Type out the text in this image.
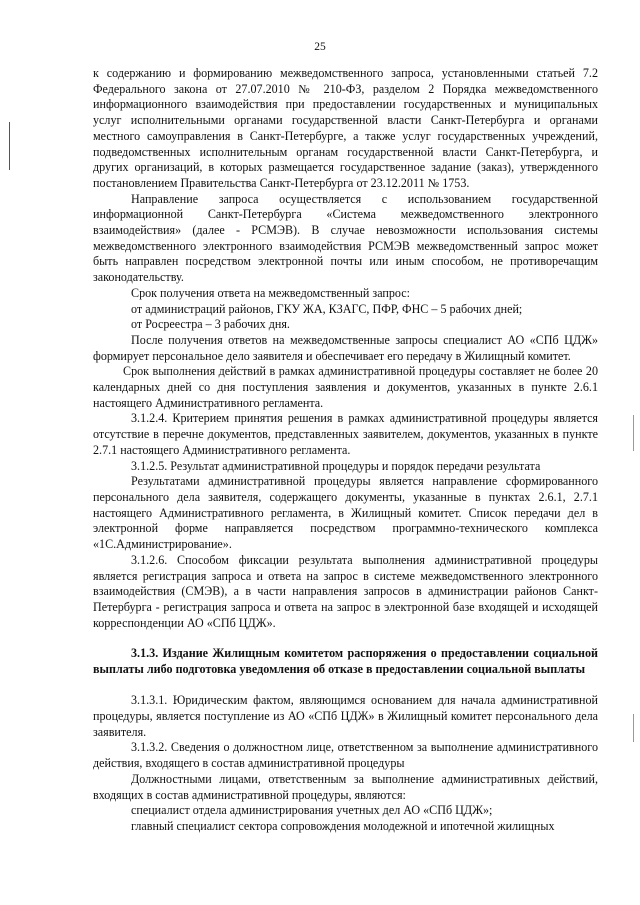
25

к содержанию и формированию межведомственного запроса, установленными статьей 7.2 Федерального закона от 27.07.2010 № 210-ФЗ, разделом 2 Порядка межведомственного информационного взаимодействия при предоставлении государственных и муниципальных услуг исполнительными органами государственной власти Санкт-Петербурга и органами местного самоуправления в Санкт-Петербурге, а также услуг государственных учреждений, подведомственных исполнительным органам государственной власти Санкт-Петербурга, и других организаций, в которых размещается государственное задание (заказ), утвержденного постановлением Правительства Санкт-Петербурга от 23.12.2011 № 1753.

Направление запроса осуществляется с использованием государственной информационной Санкт-Петербурга «Система межведомственного электронного взаимодействия» (далее - РСМЭВ). В случае невозможности использования системы межведомственного электронного взаимодействия РСМЭВ межведомственный запрос может быть направлен посредством электронной почты или иным способом, не противоречащим законодательству.

Срок получения ответа на межведомственный запрос:

от администраций районов, ГКУ ЖА, КЗАГС, ПФР, ФНС – 5 рабочих дней;

от Росреестра – 3 рабочих дня.

После получения ответов на межведомственные запросы специалист АО «СПб ЦДЖ» формирует персональное дело заявителя и обеспечивает его передачу в Жилищный комитет.

Срок выполнения действий в рамках административной процедуры составляет не более 20 календарных дней со дня поступления заявления и документов, указанных в пункте 2.6.1 настоящего Административного регламента.

3.1.2.4. Критерием принятия решения в рамках административной процедуры является отсутствие в перечне документов, представленных заявителем, документов, указанных в пункте 2.7.1 настоящего Административного регламента.

3.1.2.5. Результат административной процедуры и порядок передачи результата

Результатами административной процедуры является направление сформированного персонального дела заявителя, содержащего документы, указанные в пунктах 2.6.1, 2.7.1 настоящего Административного регламента, в Жилищный комитет. Список передачи дел в электронной форме направляется посредством программно-технического комплекса «1С.Администрирование».

3.1.2.6. Способом фиксации результата выполнения административной процедуры является регистрация запроса и ответа на запрос в системе межведомственного электронного взаимодействия (СМЭВ), а в части направления запросов в администрации районов Санкт-Петербурга - регистрация запроса и ответа на запрос в электронной базе входящей и исходящей корреспонденции АО «СПб ЦДЖ».

3.1.3. Издание Жилищным комитетом распоряжения о предоставлении социальной выплаты либо подготовка уведомления об отказе в предоставлении социальной выплаты

3.1.3.1. Юридическим фактом, являющимся основанием для начала административной процедуры, является поступление из АО «СПб ЦДЖ» в Жилищный комитет персонального дела заявителя.

3.1.3.2. Сведения о должностном лице, ответственном за выполнение административного действия, входящего в состав административной процедуры

Должностными лицами, ответственным за выполнение административных действий, входящих в состав административной процедуры, являются:

специалист отдела администрирования учетных дел АО «СПб ЦДЖ»;

главный специалист сектора сопровождения молодежной и ипотечной жилищных
